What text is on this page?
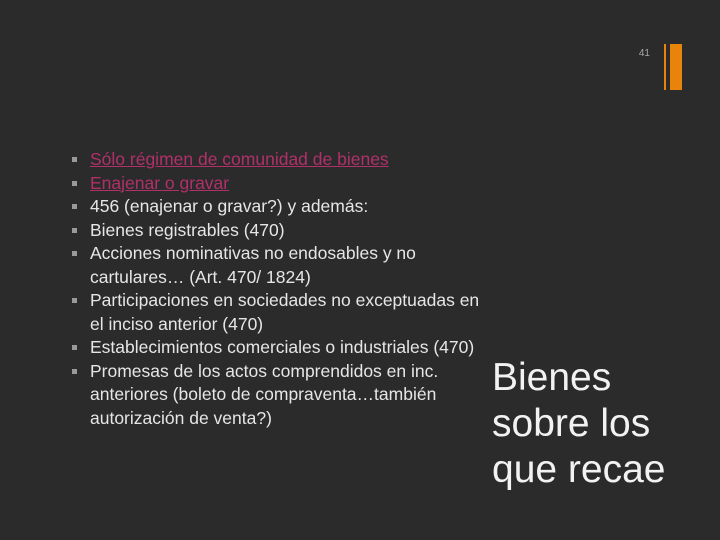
41
Sólo régimen de comunidad de bienes
Enajenar o gravar
456 (enajenar o gravar?) y además:
Bienes registrables (470)
Acciones nominativas no endosables y no cartulares… (Art. 470/ 1824)
Participaciones en sociedades no exceptuadas en el inciso anterior (470)
Establecimientos comerciales o industriales (470)
Promesas de los actos comprendidos en inc. anteriores (boleto de compraventa…también autorización de venta?)
Bienes sobre los que recae
